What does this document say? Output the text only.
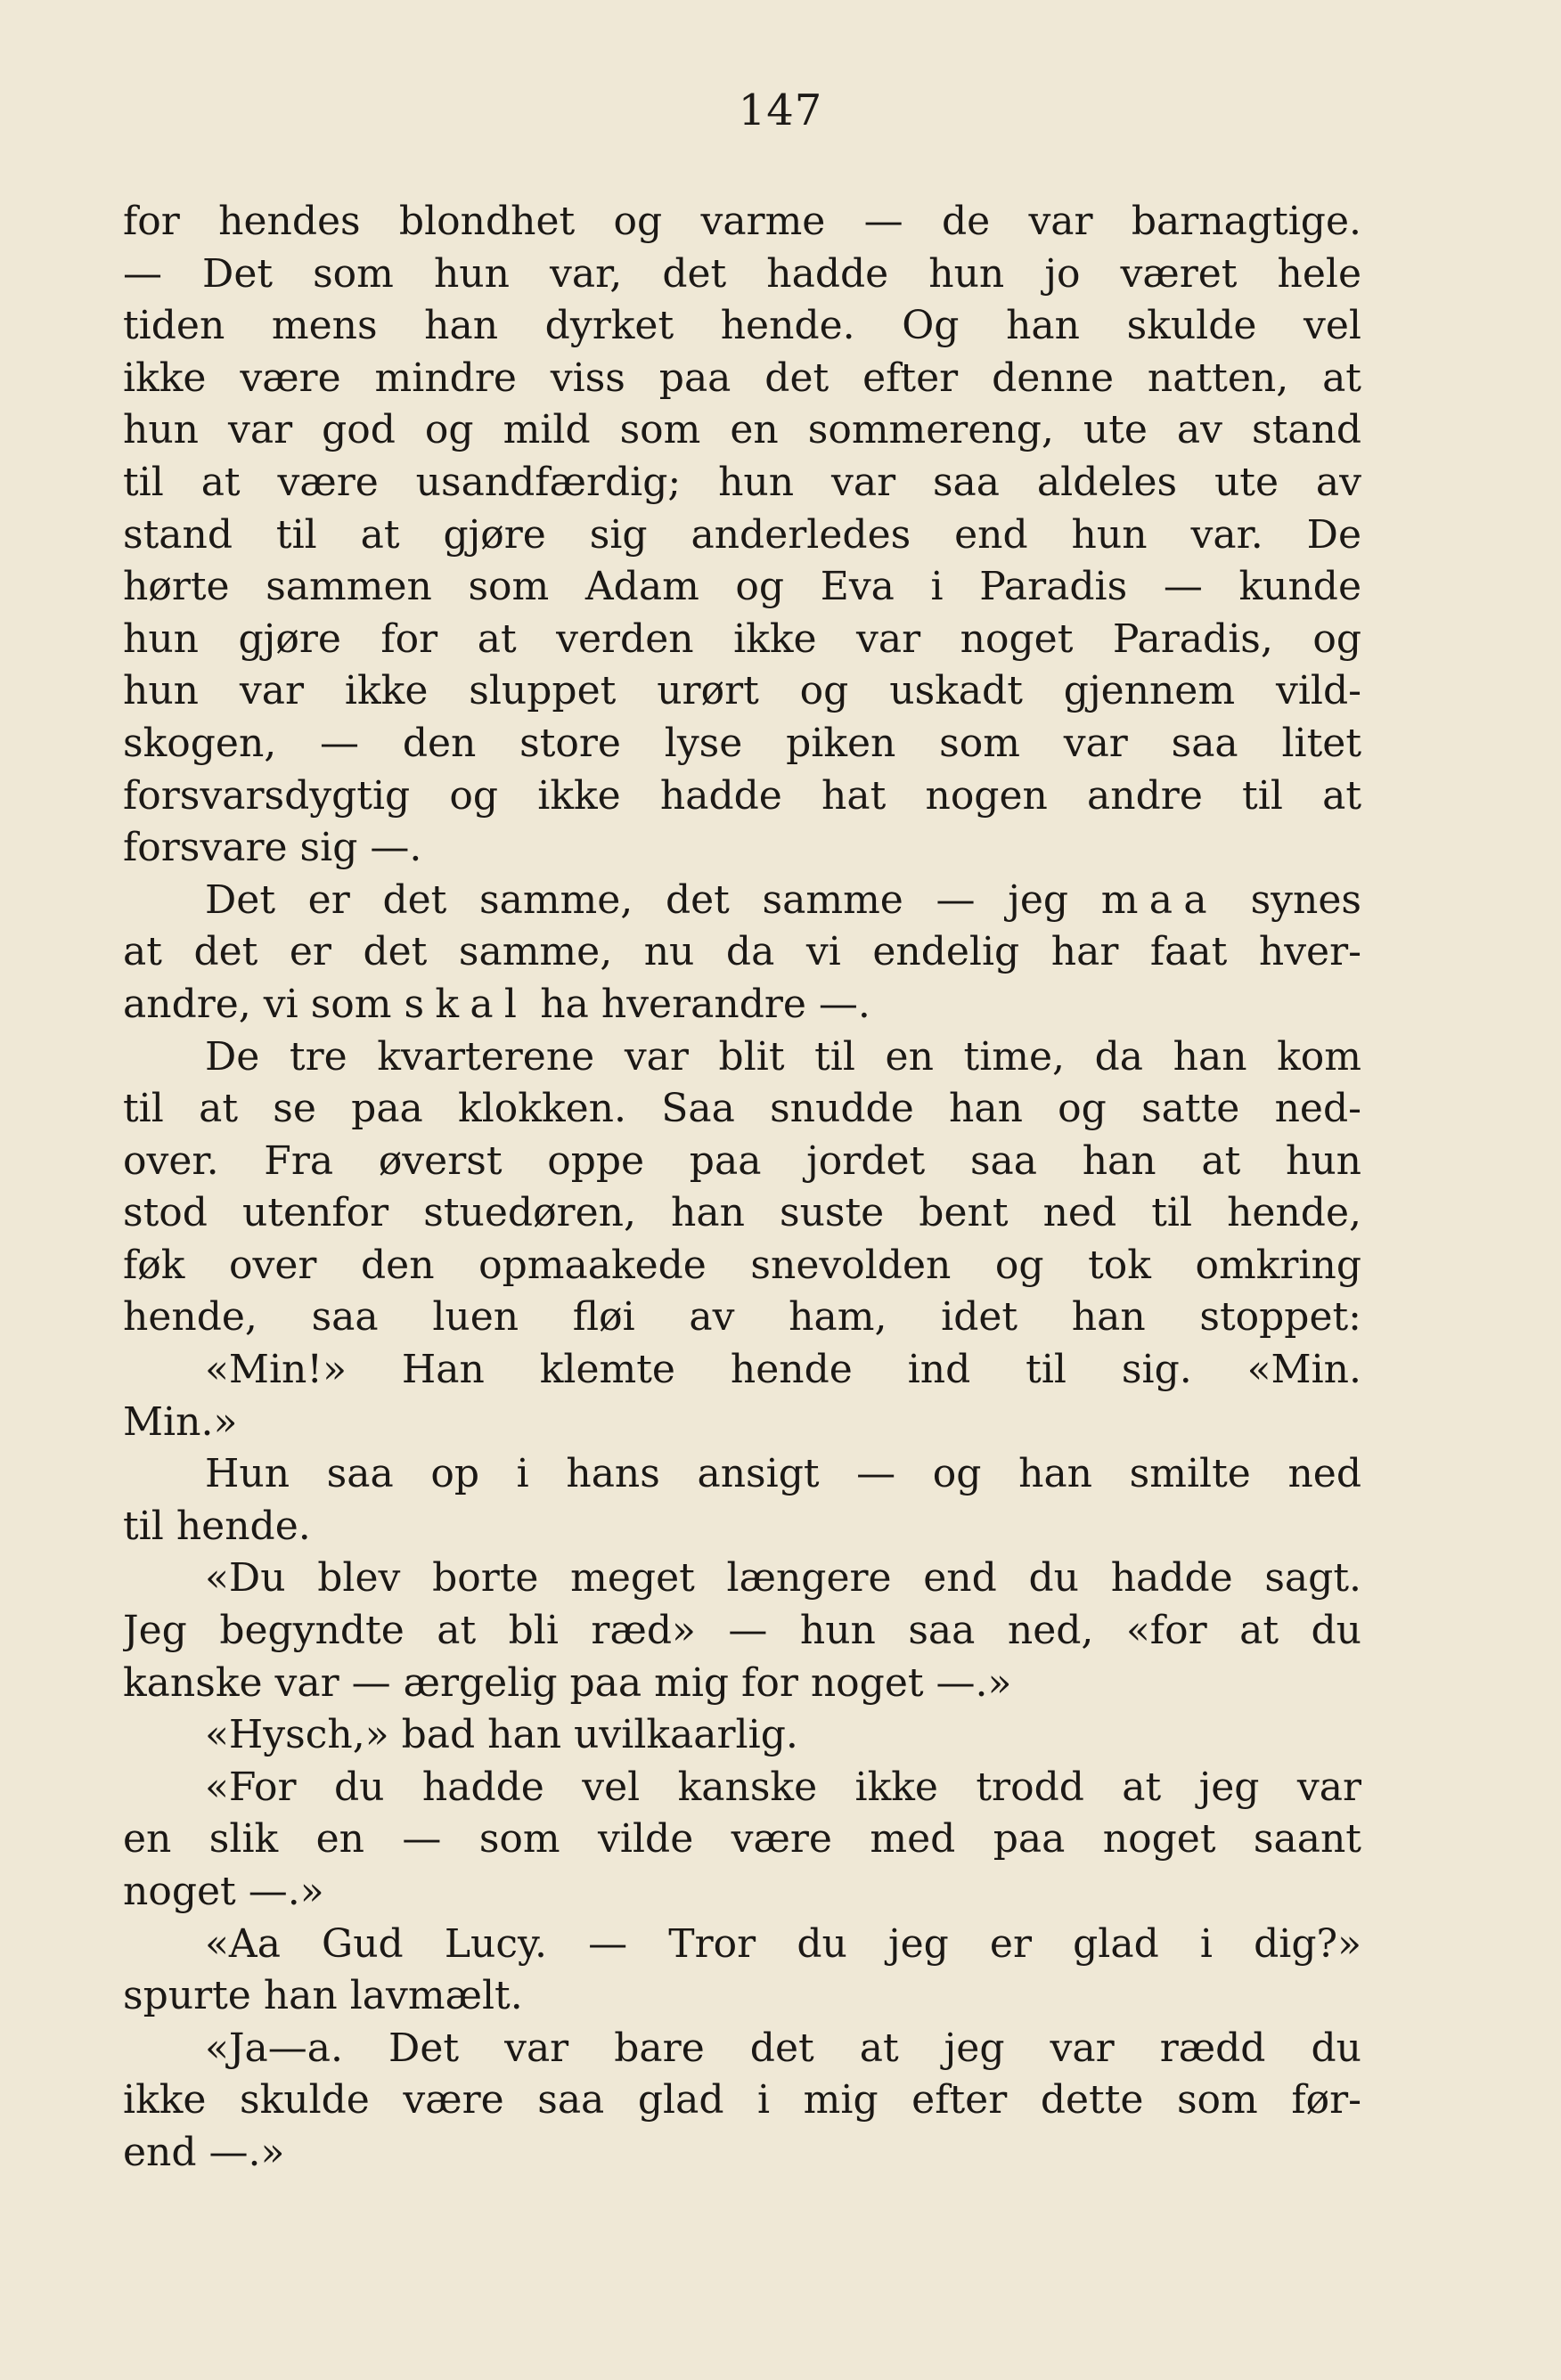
147
for hendes blondhet og varme — de var barnagtige.
— Det som hun var, det hadde hun jo været hele
tiden mens han dyrket hende. Og han skulde vel
ikke være mindre viss paa det efter denne natten, at
hun var god og mild som en sommereng, ute av stand
til at være usandfærdig; hun var saa aldeles ute av
stand til at gjøre sig anderledes end hun var. De
hørte sammen som Adam og Eva i Paradis — kunde
hun gjøre for at verden ikke var noget Paradis, og
hun var ikke sluppet urørt og uskadt gjennem vild-
skogen, — den store lyse piken som var saa litet
forsvarsdygtig og ikke hadde hat nogen andre til at
forsvare sig —.
Det er det samme, det samme — jeg maa synes
at det er det samme, nu da vi endelig har faat hver-
andre, vi som skal ha hverandre —.
De tre kvarterene var blit til en time, da han kom
til at se paa klokken. Saa snudde han og satte ned-
over. Fra øverst oppe paa jordet saa han at hun
stod utenfor stuedøren, han suste bent ned til hende,
føk over den opmaakede snevolden og tok omkring
hende, saa luen fløi av ham, idet han stoppet:
«Min!» Han klemte hende ind til sig. «Min.
Min.»
Hun saa op i hans ansigt — og han smilte ned
til hende.
«Du blev borte meget længere end du hadde sagt.
Jeg begyndte at bli ræd» — hun saa ned, «for at du
kanske var — ærgelig paa mig for noget —.»
«Hysch,» bad han uvilkaarlig.
«For du hadde vel kanske ikke trodd at jeg var
en slik en — som vilde være med paa noget saant
noget —.»
«Aa Gud Lucy. — Tror du jeg er glad i dig?»
spurte han lavmælt.
«Ja—a. Det var bare det at jeg var rædd du
ikke skulde være saa glad i mig efter dette som før-
end —.»
